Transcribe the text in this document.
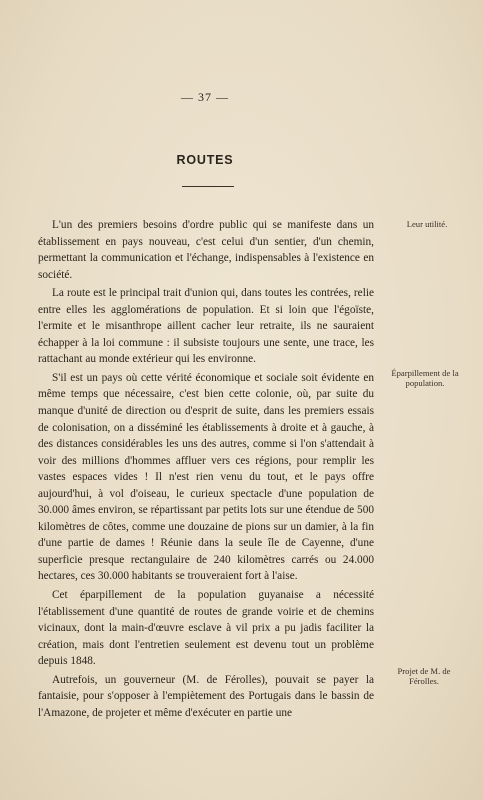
— 37 —
ROUTES

L'un des premiers besoins d'ordre public qui se manifeste dans un établissement en pays nouveau, c'est celui d'un sentier, d'un chemin, permettant la communication et l'échange, indispensables à l'existence en société.

La route est le principal trait d'union qui, dans toutes les contrées, relie entre elles les agglomérations de population. Et si loin que l'égoïste, l'ermite et le misanthrope aillent cacher leur retraite, ils ne sauraient échapper à la loi commune : il subsiste toujours une sente, une trace, les rattachant au monde extérieur qui les environne.

S'il est un pays où cette vérité économique et sociale soit évidente en même temps que nécessaire, c'est bien cette colonie, où, par suite du manque d'unité de direction ou d'esprit de suite, dans les premiers essais de colonisation, on a disséminé les établissements à droite et à gauche, à des distances considérables les uns des autres, comme si l'on s'attendait à voir des millions d'hommes affluer vers ces régions, pour remplir les vastes espaces vides ! Il n'est rien venu du tout, et le pays offre aujourd'hui, à vol d'oiseau, le curieux spectacle d'une population de 30.000 âmes environ, se répartissant par petits lots sur une étendue de 500 kilomètres de côtes, comme une douzaine de pions sur un damier, à la fin d'une partie de dames ! Réunie dans la seule île de Cayenne, d'une superficie presque rectangulaire de 240 kilomètres carrés ou 24.000 hectares, ces 30.000 habitants se trouveraient fort à l'aise.

Cet éparpillement de la population guyanaise a nécessité l'établissement d'une quantité de routes de grande voirie et de chemins vicinaux, dont la main-d'œuvre esclave à vil prix a pu jadis faciliter la création, mais dont l'entretien seulement est devenu tout un problème depuis 1848.

Autrefois, un gouverneur (M. de Férolles), pouvait se payer la fantaisie, pour s'opposer à l'empiètement des Portugais dans le bassin de l'Amazone, de projeter et même d'exécuter en partie une

Leur utilité.
Éparpillement de la population.
Projet de M. de Férolles.
